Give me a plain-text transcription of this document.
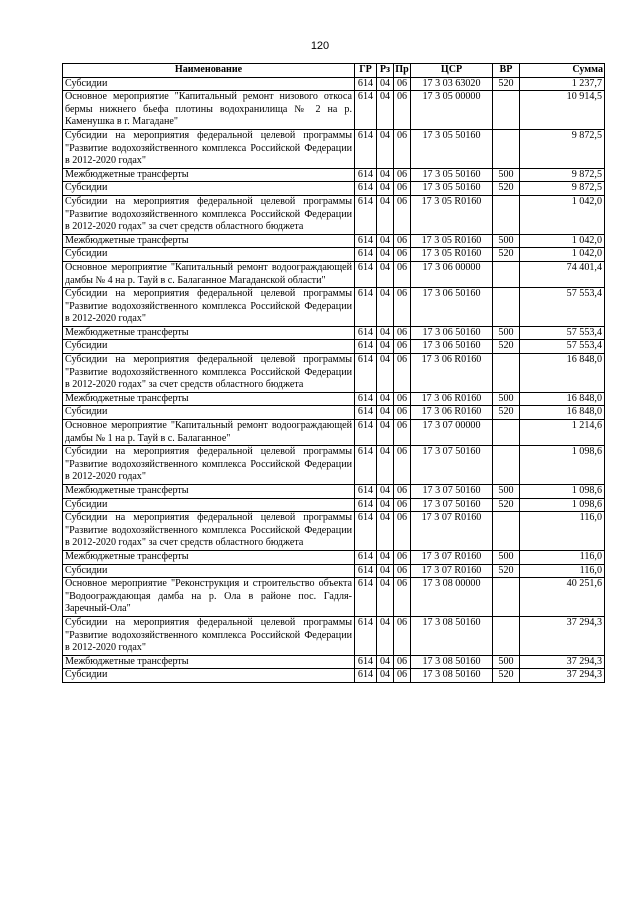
120
Наименование	ГР	Рз	Пр	ЦСР	ВР	Сумма
Субсидии	614	04	06	17 3 03 63020	520	1 237,7
Основное мероприятие "Капитальный ремонт низового откоса бермы нижнего бьефа плотины водохранилища № 2 на р. Каменушка в г. Магадане"	614	04	06	17 3 05 00000		10 914,5
Субсидии на мероприятия федеральной целевой программы "Развитие водохозяйственного комплекса Российской Федерации в 2012-2020 годах"	614	04	06	17 3 05 50160		9 872,5
Межбюджетные трансферты	614	04	06	17 3 05 50160	500	9 872,5
Субсидии	614	04	06	17 3 05 50160	520	9 872,5
Субсидии на мероприятия федеральной целевой программы "Развитие водохозяйственного комплекса Российской Федерации в 2012-2020 годах" за счет средств областного бюджета	614	04	06	17 3 05 R0160		1 042,0
Межбюджетные трансферты	614	04	06	17 3 05 R0160	500	1 042,0
Субсидии	614	04	06	17 3 05 R0160	520	1 042,0
Основное мероприятие "Капитальный ремонт водоограждающей дамбы № 4 на р. Тауй в с. Балаганное Магаданской области"	614	04	06	17 3 06 00000		74 401,4
Субсидии на мероприятия федеральной целевой программы "Развитие водохозяйственного комплекса Российской Федерации в 2012-2020 годах"	614	04	06	17 3 06 50160		57 553,4
Межбюджетные трансферты	614	04	06	17 3 06 50160	500	57 553,4
Субсидии	614	04	06	17 3 06 50160	520	57 553,4
Субсидии на мероприятия федеральной целевой программы "Развитие водохозяйственного комплекса Российской Федерации в 2012-2020 годах" за счет средств областного бюджета	614	04	06	17 3 06 R0160		16 848,0
Межбюджетные трансферты	614	04	06	17 3 06 R0160	500	16 848,0
Субсидии	614	04	06	17 3 06 R0160	520	16 848,0
Основное мероприятие "Капитальный ремонт водоограждающей дамбы № 1 на р. Тауй в с. Балаганное"	614	04	06	17 3 07 00000		1 214,6
Субсидии на мероприятия федеральной целевой программы "Развитие водохозяйственного комплекса Российской Федерации в 2012-2020 годах"	614	04	06	17 3 07 50160		1 098,6
Межбюджетные трансферты	614	04	06	17 3 07 50160	500	1 098,6
Субсидии	614	04	06	17 3 07 50160	520	1 098,6
Субсидии на мероприятия федеральной целевой программы "Развитие водохозяйственного комплекса Российской Федерации в 2012-2020 годах" за счет средств областного бюджета	614	04	06	17 3 07 R0160		116,0
Межбюджетные трансферты	614	04	06	17 3 07 R0160	500	116,0
Субсидии	614	04	06	17 3 07 R0160	520	116,0
Основное мероприятие "Реконструкция и строительство объекта "Водоограждающая дамба на р. Ола в районе пос. Гадля-Заречный-Ола"	614	04	06	17 3 08 00000		40 251,6
Субсидии на мероприятия федеральной целевой программы "Развитие водохозяйственного комплекса Российской Федерации в 2012-2020 годах"	614	04	06	17 3 08 50160		37 294,3
Межбюджетные трансферты	614	04	06	17 3 08 50160	500	37 294,3
Субсидии	614	04	06	17 3 08 50160	520	37 294,3
